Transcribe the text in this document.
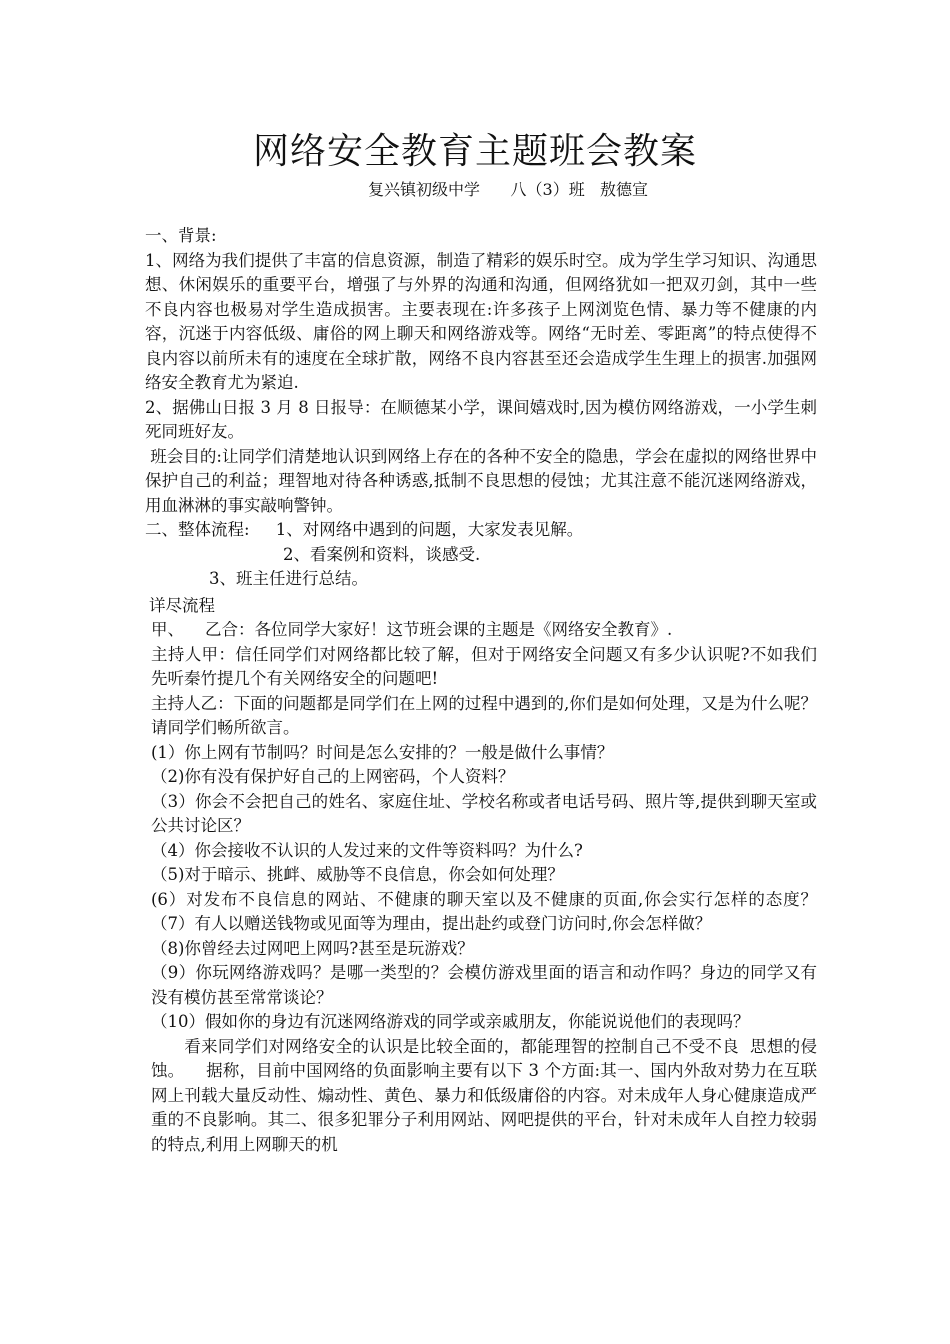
网络安全教育主题班会教案
复兴镇初级中学      八（3）班   敖德宣

一、背景:

1、网络为我们提供了丰富的信息资源，制造了精彩的娱乐时空。成为学生学习知识、沟通思想、休闲娱乐的重要平台，增强了与外界的沟通和沟通，但网络犹如一把双刃剑，其中一些不良内容也极易对学生造成损害。主要表现在:许多孩子上网浏览色情、暴力等不健康的内容，沉迷于内容低级、庸俗的网上聊天和网络游戏等。网络“无时差、零距离”的特点使得不良内容以前所未有的速度在全球扩散，网络不良内容甚至还会造成学生生理上的损害.加强网络安全教育尤为紧迫.

2、据佛山日报 3 月 8 日报导：在顺德某小学，课间嬉戏时,因为模仿网络游戏，一小学生刺死同班好友。

班会目的:让同学们清楚地认识到网络上存在的各种不安全的隐患，学会在虚拟的网络世界中保护自己的利益；理智地对待各种诱惑,抵制不良思想的侵蚀；尤其注意不能沉迷网络游戏，用血淋淋的事实敲响警钟。

二、整体流程:     1、对网络中遇到的问题，大家发表见解。

2、看案例和资料，谈感受.

3、班主任进行总结。

详尽流程

甲、    乙合：各位同学大家好！这节班会课的主题是《网络安全教育》.

主持人甲：信任同学们对网络都比较了解，但对于网络安全问题又有多少认识呢?不如我们先听秦竹提几个有关网络安全的问题吧!

主持人乙：下面的问题都是同学们在上网的过程中遇到的,你们是如何处理，又是为什么呢？请同学们畅所欲言。

(1）你上网有节制吗？时间是怎么安排的？一般是做什么事情？

（2)你有没有保护好自己的上网密码，个人资料？

（3）你会不会把自己的姓名、家庭住址、学校名称或者电话号码、照片等,提供到聊天室或公共讨论区？

（4）你会接收不认识的人发过来的文件等资料吗？为什么?

（5)对于暗示、挑衅、威胁等不良信息，你会如何处理？

(6）对发布不良信息的网站、不健康的聊天室以及不健康的页面,你会实行怎样的态度？          （7）有人以赠送钱物或见面等为理由，提出赴约或登门访问时,你会怎样做？

（8)你曾经去过网吧上网吗?甚至是玩游戏？

（9）你玩网络游戏吗？是哪一类型的？会模仿游戏里面的语言和动作吗？身边的同学又有没有模仿甚至常常谈论？

（10）假如你的身边有沉迷网络游戏的同学或亲戚朋友，你能说说他们的表现吗？

看来同学们对网络安全的认识是比较全面的，都能理智的控制自己不受不良  思想的侵蚀。    据称，目前中国网络的负面影响主要有以下 3 个方面:其一、国内外敌对势力在互联网上刊载大量反动性、煽动性、黄色、暴力和低级庸俗的内容。对未成年人身心健康造成严重的不良影响。其二、很多犯罪分子利用网站、网吧提供的平台，针对未成年人自控力较弱的特点,利用上网聊天的机
